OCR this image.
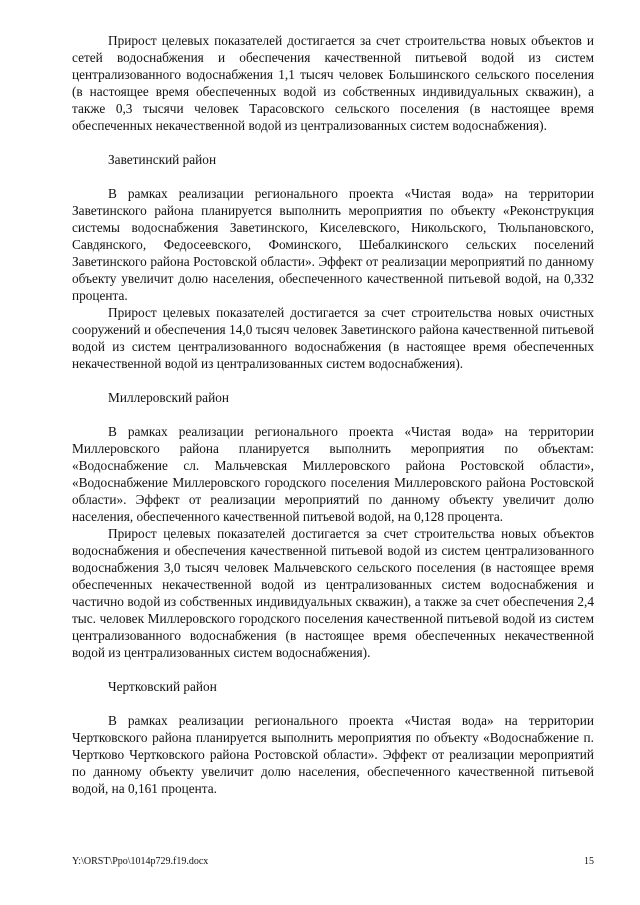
Прирост целевых показателей достигается за счет строительства новых объектов и сетей водоснабжения и обеспечения качественной питьевой водой из систем централизованного водоснабжения 1,1 тысяч человек Большинского сельского поселения (в настоящее время обеспеченных водой из собственных индивидуальных скважин), а также 0,3 тысячи человек Тарасовского сельского поселения (в настоящее время обеспеченных некачественной водой из централизованных систем водоснабжения).

Заветинский район

В рамках реализации регионального проекта «Чистая вода» на территории Заветинского района планируется выполнить мероприятия по объекту «Реконструкция системы водоснабжения Заветинского, Киселевского, Никольского, Тюльпановского, Савдянского, Федосеевского, Фоминского, Шебалкинского сельских поселений Заветинского района Ростовской области». Эффект от реализации мероприятий по данному объекту увеличит долю населения, обеспеченного качественной питьевой водой, на 0,332 процента.

Прирост целевых показателей достигается за счет строительства новых очистных сооружений и обеспечения 14,0 тысяч человек Заветинского района качественной питьевой водой из систем централизованного водоснабжения (в настоящее время обеспеченных некачественной водой из централизованных систем водоснабжения).

Миллеровский район

В рамках реализации регионального проекта «Чистая вода» на территории Миллеровского района планируется выполнить мероприятия по объектам: «Водоснабжение сл. Мальчевская Миллеровского района Ростовской области», «Водоснабжение Миллеровского городского поселения Миллеровского района Ростовской области». Эффект от реализации мероприятий по данному объекту увеличит долю населения, обеспеченного качественной питьевой водой, на 0,128 процента.

Прирост целевых показателей достигается за счет строительства новых объектов водоснабжения и обеспечения качественной питьевой водой из систем централизованного водоснабжения 3,0 тысяч человек Мальчевского сельского поселения (в настоящее время обеспеченных некачественной водой из централизованных систем водоснабжения и частично водой из собственных индивидуальных скважин), а также за счет обеспечения 2,4 тыс. человек Миллеровского городского поселения качественной питьевой водой из систем централизованного водоснабжения (в настоящее время обеспеченных некачественной водой из централизованных систем водоснабжения).

Чертковский район

В рамках реализации регионального проекта «Чистая вода» на территории Чертковского района планируется выполнить мероприятия по объекту «Водоснабжение п. Чертково Чертковского района Ростовской области». Эффект от реализации мероприятий по данному объекту увеличит долю населения, обеспеченного качественной питьевой водой, на 0,161 процента.

Y:\ORST\Ppo\1014p729.f19.docx	15
